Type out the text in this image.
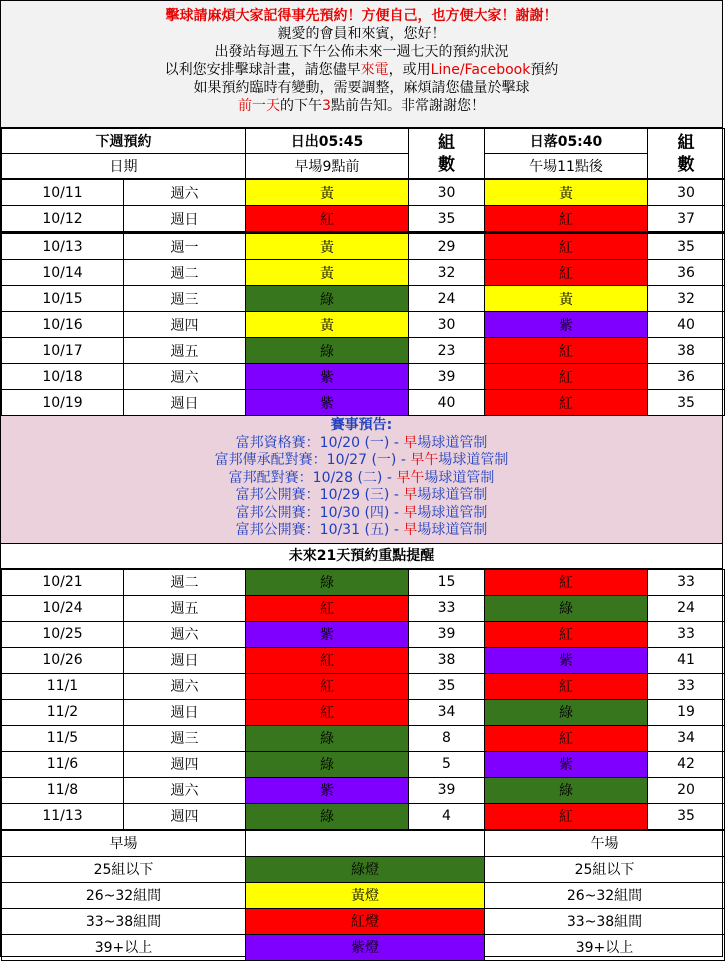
擊球請麻煩大家記得事先預約！方便自己，也方便大家！謝謝！
親愛的會員和來賓，您好！
出發站每週五下午公佈未來一週七天的預約狀況
以利您安排擊球計畫，請您儘早來電，或用Line/Facebook預約
如果預約臨時有變動，需要調整，麻煩請您儘量於擊球
前一天的下午3點前告知。非常謝謝您！
下週預約	日出05:45	組數	日落05:40	組數
日期	早場9點前		午場11點後	
10/11	週六	黃	30	黃	30
10/12	週日	紅	35	紅	37
10/13	週一	黃	29	紅	35
10/14	週二	黃	32	紅	36
10/15	週三	綠	24	黃	32
10/16	週四	黃	30	紫	40
10/17	週五	綠	23	紅	38
10/18	週六	紫	39	紅	36
10/19	週日	紫	40	紅	35
賽事預告:
富邦資格賽：10/20 (一) - 早場球道管制
富邦傳承配對賽：10/27 (一) - 早午場球道管制
富邦配對賽：10/28 (二) - 早午場球道管制
富邦公開賽：10/29 (三) - 早場球道管制
富邦公開賽：10/30 (四) - 早場球道管制
富邦公開賽：10/31 (五) - 早場球道管制
未來21天預約重點提醒
10/21	週二	綠	15	紅	33
10/24	週五	紅	33	綠	24
10/25	週六	紫	39	紅	33
10/26	週日	紅	38	紫	41
11/1	週六	紅	35	紅	33
11/2	週日	紅	34	綠	19
11/5	週三	綠	8	紅	34
11/6	週四	綠	5	紫	42
11/8	週六	紫	39	綠	20
11/13	週四	綠	4	紅	35
早場		午場
25組以下	綠燈	25組以下
26~32組間	黃燈	26~32組間
33~38組間	紅燈	33~38組間
39+以上	紫燈	39+以上
